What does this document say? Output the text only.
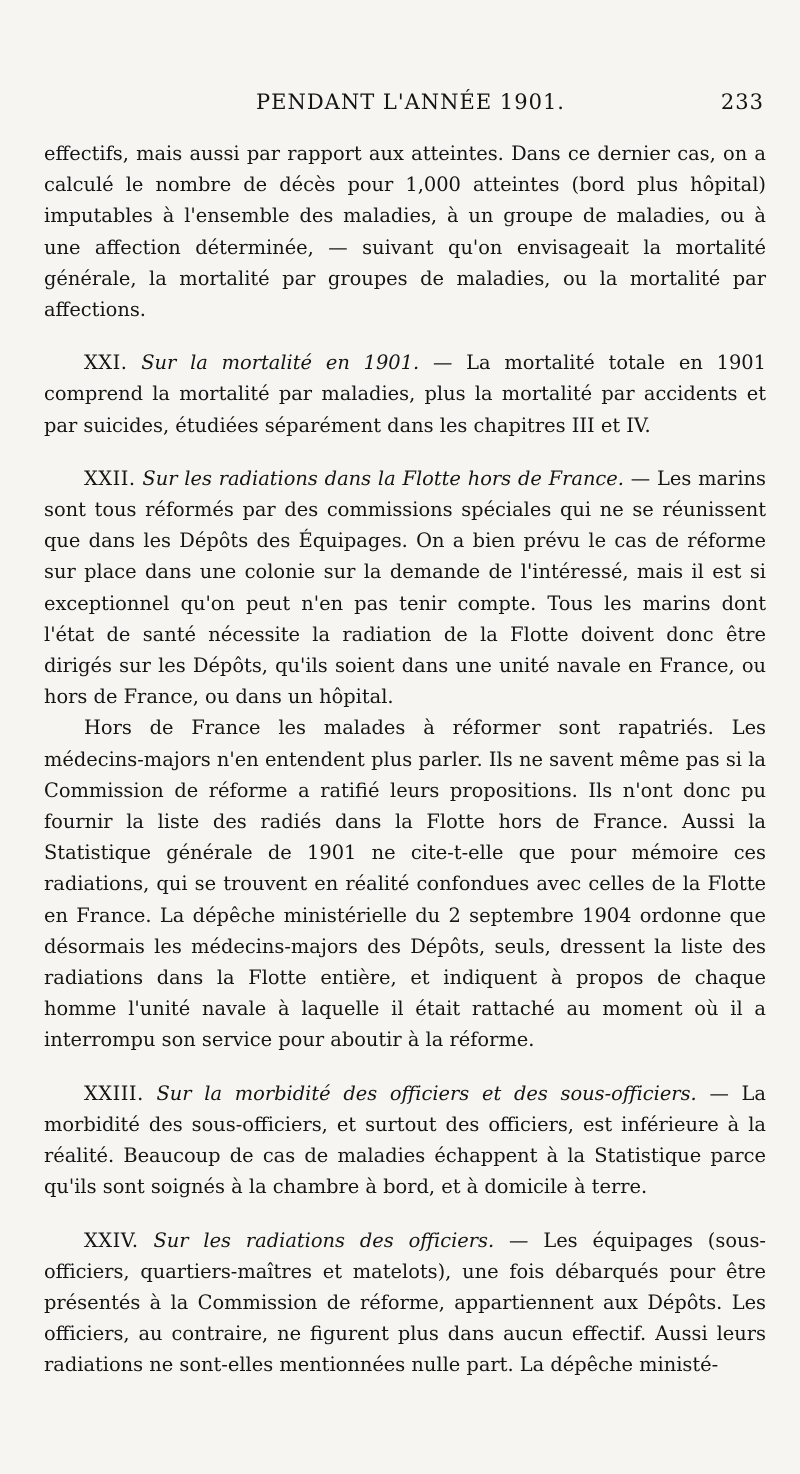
PENDANT L'ANNÉE 1901.	233

effectifs, mais aussi par rapport aux atteintes. Dans ce dernier cas, on a calculé le nombre de décès pour 1,000 atteintes (bord plus hôpital) imputables à l'ensemble des maladies, à un groupe de maladies, ou à une affection déterminée, — suivant qu'on envisageait la mortalité générale, la mortalité par groupes de maladies, ou la mortalité par affections.

XXI. Sur la mortalité en 1901. — La mortalité totale en 1901 comprend la mortalité par maladies, plus la mortalité par accidents et par suicides, étudiées séparément dans les chapitres III et IV.

XXII. Sur les radiations dans la Flotte hors de France. — Les marins sont tous réformés par des commissions spéciales qui ne se réunissent que dans les Dépôts des Équipages. On a bien prévu le cas de réforme sur place dans une colonie sur la demande de l'intéressé, mais il est si exceptionnel qu'on peut n'en pas tenir compte. Tous les marins dont l'état de santé nécessite la radiation de la Flotte doivent donc être dirigés sur les Dépôts, qu'ils soient dans une unité navale en France, ou hors de France, ou dans un hôpital.

Hors de France les malades à réformer sont rapatriés. Les médecins-majors n'en entendent plus parler. Ils ne savent même pas si la Commission de réforme a ratifié leurs propositions. Ils n'ont donc pu fournir la liste des radiés dans la Flotte hors de France. Aussi la Statistique générale de 1901 ne cite-t-elle que pour mémoire ces radiations, qui se trouvent en réalité confondues avec celles de la Flotte en France. La dépêche ministérielle du 2 septembre 1904 ordonne que désormais les médecins-majors des Dépôts, seuls, dressent la liste des radiations dans la Flotte entière, et indiquent à propos de chaque homme l'unité navale à laquelle il était rattaché au moment où il a interrompu son service pour aboutir à la réforme.

XXIII. Sur la morbidité des officiers et des sous-officiers. — La morbidité des sous-officiers, et surtout des officiers, est inférieure à la réalité. Beaucoup de cas de maladies échappent à la Statistique parce qu'ils sont soignés à la chambre à bord, et à domicile à terre.

XXIV. Sur les radiations des officiers. — Les équipages (sous-officiers, quartiers-maîtres et matelots), une fois débarqués pour être présentés à la Commission de réforme, appartiennent aux Dépôts. Les officiers, au contraire, ne figurent plus dans aucun effectif. Aussi leurs radiations ne sont-elles mentionnées nulle part. La dépêche ministé-
